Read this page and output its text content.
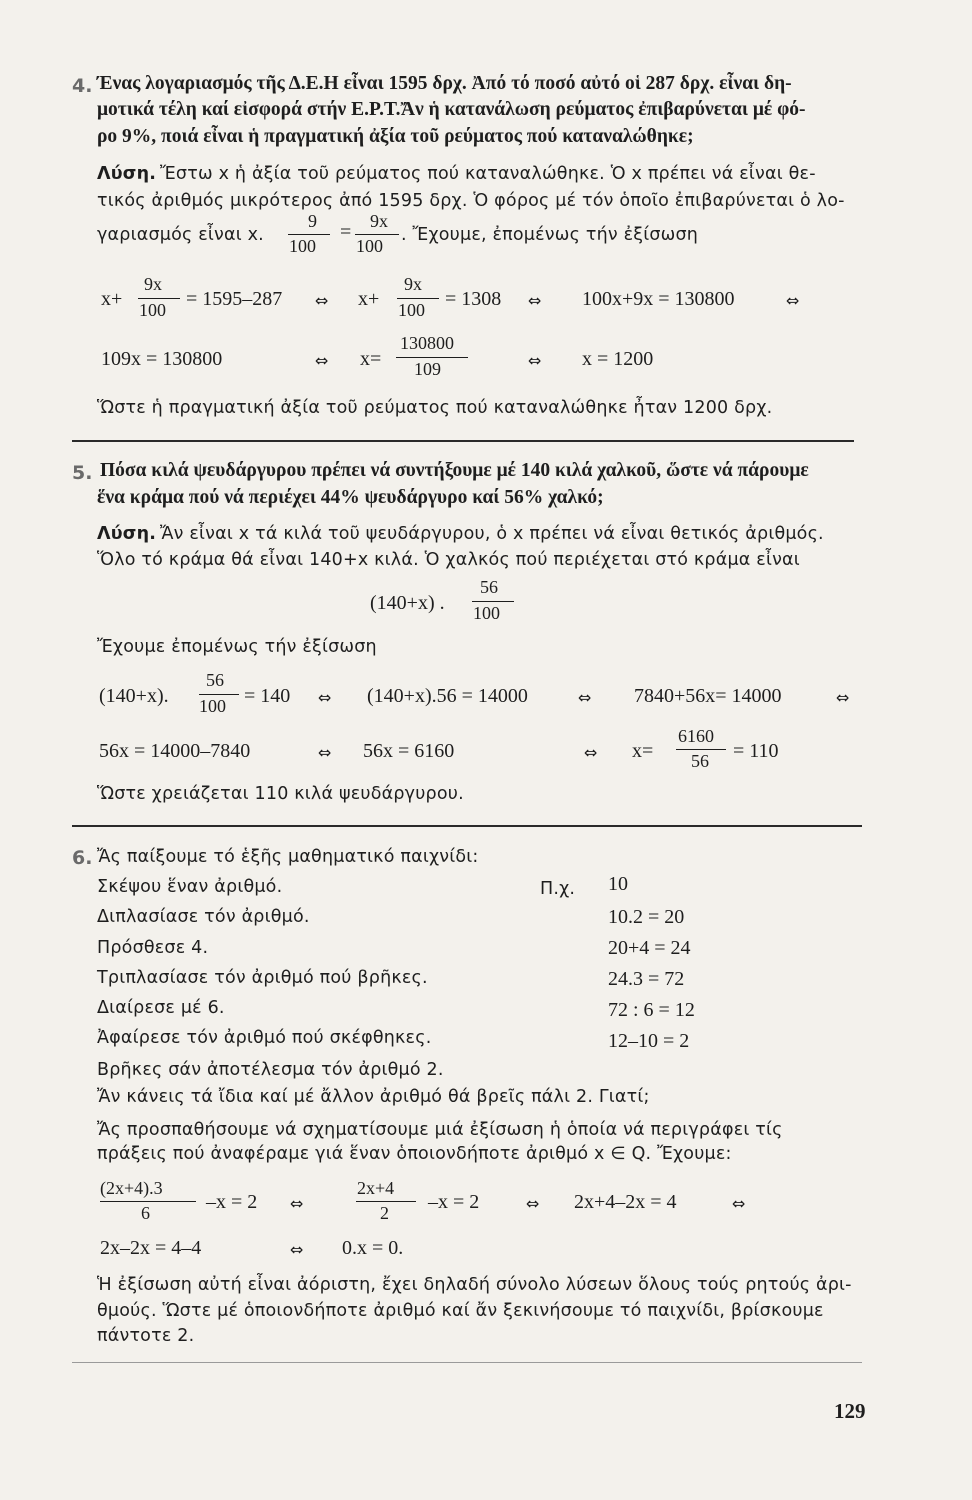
4. Ένας λογαριασμός τῆς Δ.Ε.Η εἶναι 1595 δρχ. Ἀπό τό ποσό αὐτό οἱ 287 δρχ. εἶναι δη-
μοτικά τέλη καί εἰσφορά στήν Ε.Ρ.Τ.Ἄν ἡ κατανάλωση ρεύματος ἐπιβαρύνεται μέ φό-
ρο 9%, ποιά εἶναι ἡ πραγματική ἀξία τοῦ ρεύματος πού καταναλώθηκε;
Λύση. Ἔστω x ἡ ἀξία τοῦ ρεύματος πού καταναλώθηκε. Ὁ x πρέπει νά εἶναι θε-
τικός ἀριθμός μικρότερος ἀπό 1595 δρχ. Ὁ φόρος μέ τόν ὁποῖο ἐπιβαρύνεται ὁ λο-
γαριασμός εἶναι x.
9
100
= 9x
100
. Ἔχουμε, ἐπομένως τήν ἐξίσωση
x+
9x
100 = 1595–287 ⇔ x+
9x
100 = 1308 ⇔ 100x+9x = 130800	⇔
109x = 130800	⇔ x=
130800
109	⇔ x = 1200
Ὥστε ἡ πραγματική ἀξία τοῦ ρεύματος πού καταναλώθηκε ἦταν 1200 δρχ.
5. Πόσα κιλά ψευδάργυρου πρέπει νά συντήξουμε μέ 140 κιλά χαλκοῦ, ὥστε νά πάρουμε
ἕνα κράμα πού νά περιέχει 44% ψευδάργυρο καί 56% χαλκό;
Λύση. Ἄν εἶναι x τά κιλά τοῦ ψευδάργυρου, ὁ x πρέπει νά εἶναι θετικός ἀριθμός.
Ὅλο τό κράμα θά εἶναι 140+x κιλά. Ὁ χαλκός πού περιέχεται στό κράμα εἶναι
(140+x) .
56
100
Ἔχουμε ἐπομένως τήν ἐξίσωση
(140+x).
56
100 = 140 ⇔ (140+x).56 = 14000	⇔ 7840+56x= 14000	⇔
56x = 14000–7840	⇔ 56x = 6160	⇔ x=
6160
56 = 110
Ὥστε χρειάζεται 110 κιλά ψευδάργυρου.
6. Ἄς παίξουμε τό ἑξῆς μαθηματικό παιχνίδι:
Π.χ.
Σκέψου ἕναν ἀριθμό.	10
Διπλασίασε τόν ἀριθμό.	10.2 = 20
Πρόσθεσε 4.	20+4 = 24
Τριπλασίασε τόν ἀριθμό πού βρῆκες.	24.3 = 72
Διαίρεσε μέ 6.	72 : 6 = 12
Ἀφαίρεσε τόν ἀριθμό πού σκέφθηκες.	12–10 = 2
Βρῆκες σάν ἀποτέλεσμα τόν ἀριθμό 2.
Ἄν κάνεις τά ἴδια καί μέ ἄλλον ἀριθμό θά βρεῖς πάλι 2. Γιατί;
Ἄς προσπαθήσουμε νά σχηματίσουμε μιά ἐξίσωση ἡ ὁποία νά περιγράφει τίς
πράξεις πού ἀναφέραμε γιά ἕναν ὁποιονδήποτε ἀριθμό x ∈ Q. Ἔχουμε:
(2x+4).3
6	–x = 2 ⇔
2x+4
2 –x = 2	⇔ 2x+4–2x = 4	⇔
2x–2x = 4–4	⇔ 0.x = 0.
Ἡ ἐξίσωση αὐτή εἶναι ἀόριστη, ἔχει δηλαδή σύνολο λύσεων ὅλους τούς ρητούς ἀρι-
θμούς. Ὥστε μέ ὁποιονδήποτε ἀριθμό καί ἄν ξεκινήσουμε τό παιχνίδι, βρίσκουμε
πάντοτε 2.
129
